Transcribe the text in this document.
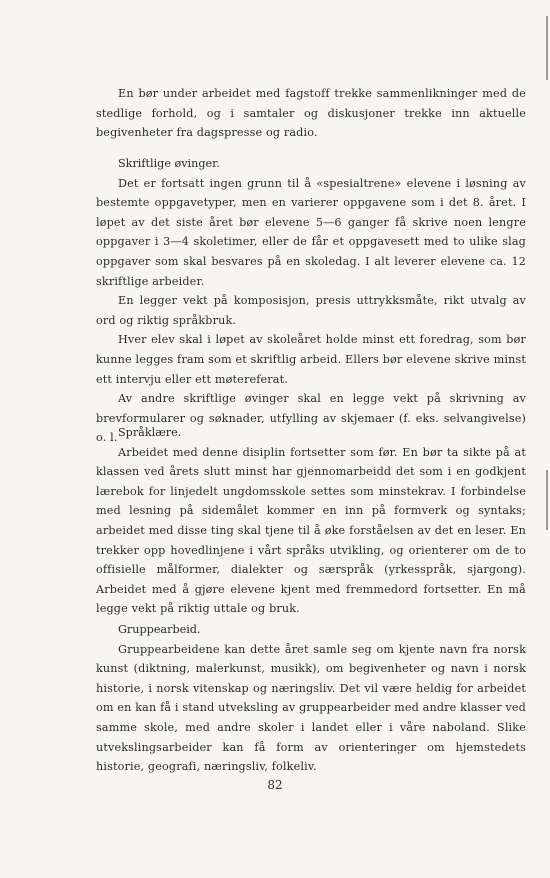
En bør under arbeidet med fagstoff trekke sammenlikninger med de stedlige forhold, og i samtaler og diskusjoner trekke inn aktuelle begivenheter fra dagspresse og radio.

Skriftlige øvinger.

Det er fortsatt ingen grunn til å «spesialtrene» elevene i løsning av bestemte oppgavetyper, men en varierer oppgavene som i det 8. året. I løpet av det siste året bør elevene 5—6 ganger få skrive noen lengre oppgaver i 3—4 skoletimer, eller de får et oppgavesett med to ulike slag oppgaver som skal besvares på en skoledag. I alt leverer elevene ca. 12 skriftlige arbeider.

En legger vekt på komposisjon, presis uttrykksmåte, rikt utvalg av ord og riktig språkbruk.

Hver elev skal i løpet av skoleåret holde minst ett foredrag, som bør kunne legges fram som et skriftlig arbeid. Ellers bør elevene skrive minst ett intervju eller ett møtereferat.

Av andre skriftlige øvinger skal en legge vekt på skrivning av brevformularer og søknader, utfylling av skjemaer (f. eks. selvangivelse) o. l. Språklære.

Arbeidet med denne disiplin fortsetter som før. En bør ta sikte på at klassen ved årets slutt minst har gjennomarbeidd det som i en godkjent lærebok for linjedelt ungdomsskole settes som minstekrav. I forbindelse med lesning på sidemålet kommer en inn på formverk og syntaks; arbeidet med disse ting skal tjene til å øke forståelsen av det en leser. En trekker opp hovedlinjene i vårt språks utvikling, og orienterer om de to offisielle målformer, dialekter og særspråk (yrkesspråk, sjargong). Arbeidet med å gjøre elevene kjent med fremmedord fortsetter. En må legge vekt på riktig uttale og bruk.

Gruppearbeid.

Gruppearbeidene kan dette året samle seg om kjente navn fra norsk kunst (diktning, malerkunst, musikk), om begivenheter og navn i norsk historie, i norsk vitenskap og næringsliv. Det vil være heldig for arbeidet om en kan få i stand utveksling av gruppearbeider med andre klasser ved samme skole, med andre skoler i landet eller i våre naboland. Slike utvekslingsarbeider kan få form av orienteringer om hjemstedets historie, geografi, næringsliv, folkeliv.

82
